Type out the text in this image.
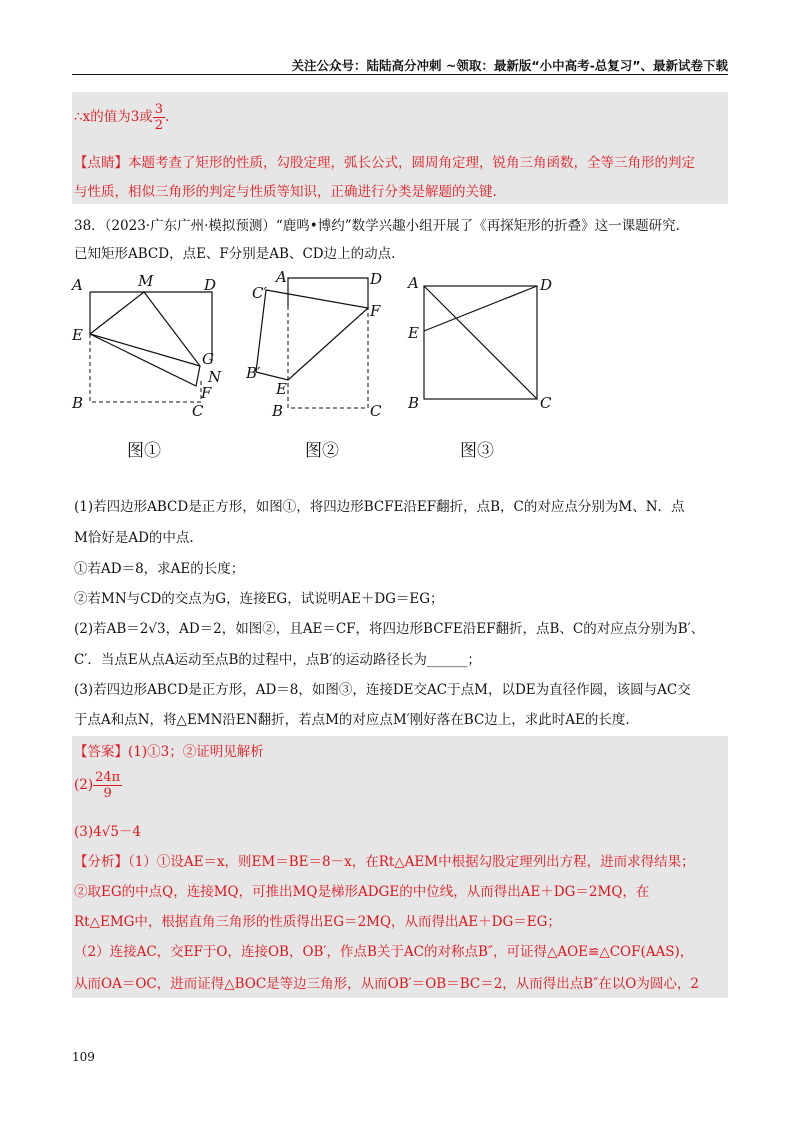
关注公众号：陆陆高分冲刺 ~领取：最新版“小中高考-总复习”、最新试卷下载
∴x的值为3或 $\frac{3}{2}$ .
【点睛】本题考查了矩形的性质，勾股定理，弧长公式，圆周角定理，锐角三角函数，全等三角形的判定
与性质，相似三角形的判定与性质等知识，正确进行分类是解题的关键.
38．（2023·广东广州·模拟预测）“鹿鸣•博约”数学兴趣小组开展了《再探矩形的折叠》这一课题研究.
已知矩形ABCD，点E、F分别是AB、CD边上的动点.
A	M	D
E
G
N
F
B	C
图①
A	D
C′
F
B′
E
B	C
图②
A	D
E
B	C
图③
(1)若四边形ABCD是正方形，如图①，将四边形BCFE沿EF翻折，点B，C的对应点分别为M、N．点
M恰好是AD的中点.
①若AD＝8，求AE的长度；
②若MN与CD的交点为G，连接EG，试说明AE＋DG＝EG；
(2)若AB＝2√3，AD＝2，如图②，且AE＝CF，将四边形BCFE沿EF翻折，点B、C的对应点分别为B′、
C′．当点E从点A运动至点B的过程中，点B′的运动路径长为______；
(3)若四边形ABCD是正方形，AD＝8，如图③，连接DE交AC于点M，以DE为直径作圆，该圆与AC交
于点A和点N，将△EMN沿EN翻折，若点M的对应点M′刚好落在BC边上，求此时AE的长度.
【答案】(1)①3；②证明见解析
$(2) \frac{24\pi}{9}$
(3)4√5－4
【分析】（1）①设AE＝x，则EM＝BE＝8－x，在Rt△AEM中根据勾股定理列出方程，进而求得结果；
②取EG的中点Q，连接MQ，可推出MQ是梯形ADGE的中位线，从而得出AE＋DG＝2MQ，在
Rt△EMG中，根据直角三角形的性质得出EG＝2MQ，从而得出AE＋DG＝EG；
（2）连接AC，交EF于O，连接OB，OB′，作点B关于AC的对称点B″，可证得△AOE≌△COF(AAS)，
从而OA＝OC，进而证得△BOC是等边三角形，从而OB′＝OB＝BC＝2，从而得出点B″在以O为圆心，2
109
